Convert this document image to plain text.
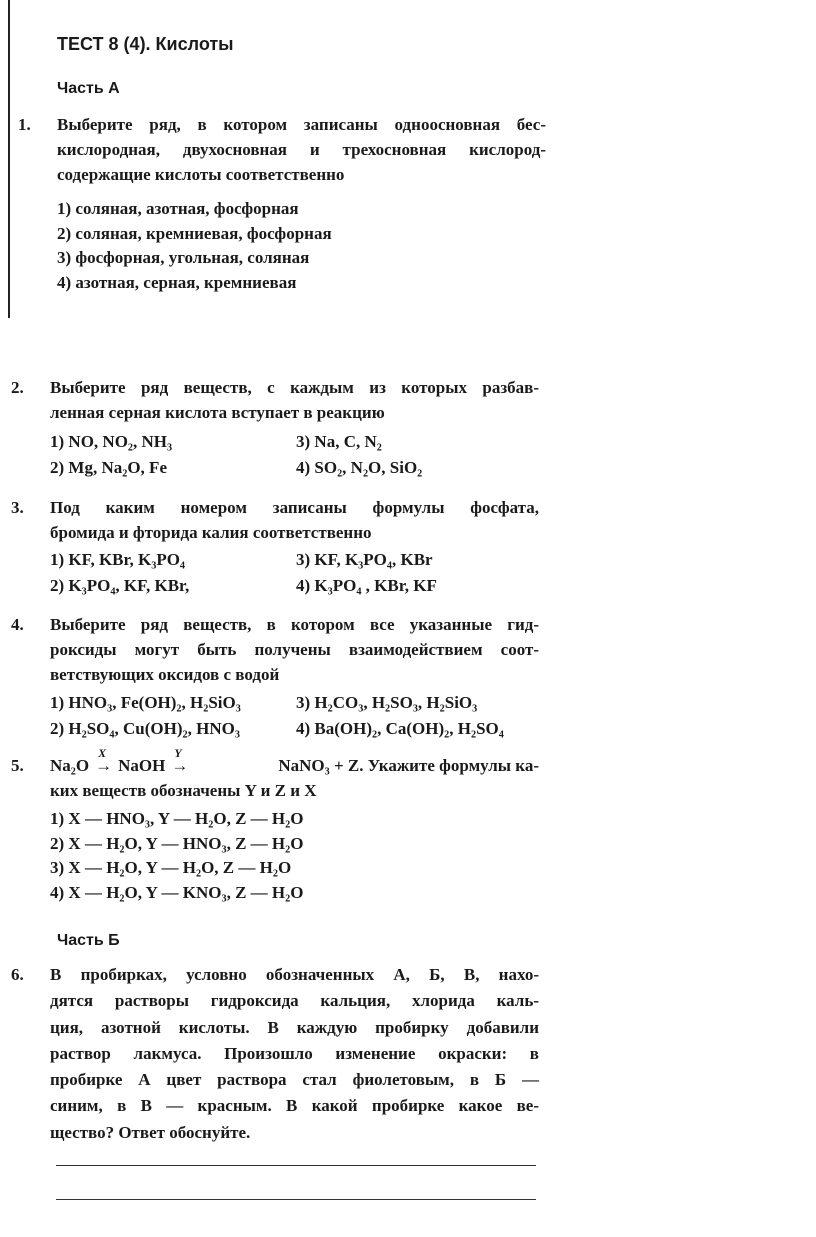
ТЕСТ 8 (4). Кислоты
Часть А
Часть Б
1. Выберите ряд, в котором записаны одноосновная бес-
кислородная, двухосновная и трехосновная кислород-
содержащие кислоты соответственно
1) соляная, азотная, фосфорная
2) соляная, кремниевая, фосфорная
3) фосфорная, угольная, соляная
4) азотная, серная, кремниевая
2. Выберите ряд веществ, с каждым из которых разбав-
ленная серная кислота вступает в реакцию
1) NO, NO₂, NH₃	3) Na, C, N₂
2) Mg, Na₂O, Fe	4) SO₂, N₂O, SiO₂
3. Под каким номером записаны формулы фосфата,
бромида и фторида калия соответственно
1) KF, KBr, K₃PO₄	3) KF, K₃PO₄, KBr
2) K₃PO₄, KF, KBr,	4) K₃PO₄ , KBr, KF
4. Выберите ряд веществ, в котором все указанные гид-
роксиды могут быть получены взаимодействием соот-
ветствующих оксидов с водой
1) HNO₃, Fe(OH)₂, H₂SiO₃	3) H₂CO₃, H₂SO₃, H₂SiO₃
2) H₂SO₄, Cu(OH)₂, HNO₃	4) Ba(OH)₂, Ca(OH)₂, H₂SO₄
5. Na₂O
X
→ NaOH
Y
→	NaNO₃ + Z. Укажите формулы ка-
ких веществ обозначены Y и Z и X
1) X — HNO₃, Y — H₂O, Z — H₂O
2) X — H₂O, Y — HNO₃, Z — H₂O
3) X — H₂O, Y — H₂O, Z — H₂O
4) X — H₂O, Y — KNO₃, Z — H₂O
6. В пробирках, условно обозначенных А, Б, В, нахо-
дятся растворы гидроксида кальция, хлорида каль-
ция, азотной кислоты. В каждую пробирку добавили
раствор лакмуса. Произошло изменение окраски: в
пробирке А цвет раствора стал фиолетовым, в Б —
синим, в В — красным. В какой пробирке какое ве-
щество? Ответ обоснуйте.
